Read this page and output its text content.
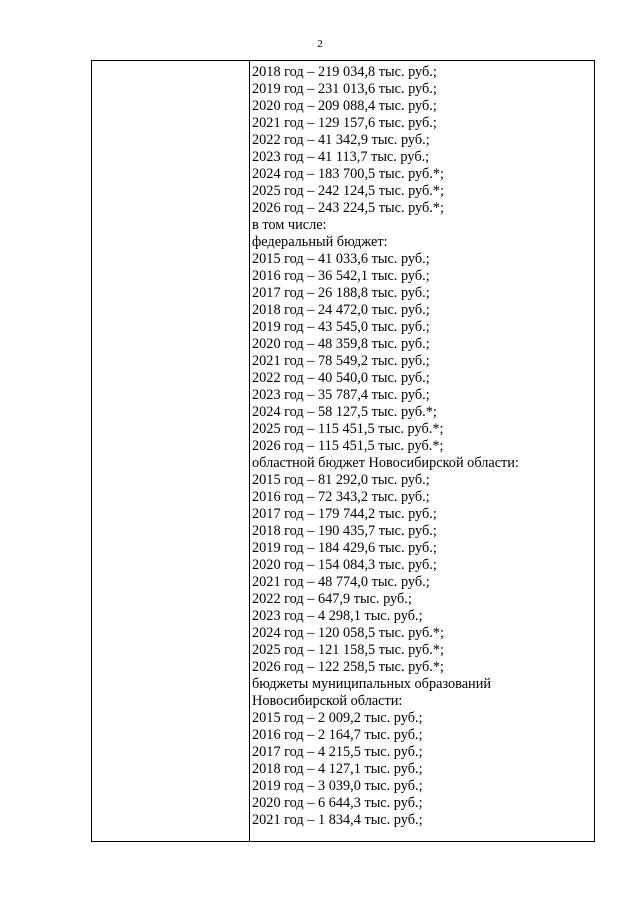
2
2018 год – 219 034,8 тыс. руб.;
2019 год – 231 013,6 тыс. руб.;
2020 год – 209 088,4 тыс. руб.;
2021 год – 129 157,6 тыс. руб.;
2022 год – 41 342,9 тыс. руб.;
2023 год – 41 113,7 тыс. руб.;
2024 год – 183 700,5 тыс. руб.*;
2025 год – 242 124,5 тыс. руб.*;
2026 год – 243 224,5 тыс. руб.*;
в том числе:
федеральный бюджет:
2015 год – 41 033,6 тыс. руб.;
2016 год – 36 542,1 тыс. руб.;
2017 год – 26 188,8 тыс. руб.;
2018 год – 24 472,0 тыс. руб.;
2019 год – 43 545,0 тыс. руб.;
2020 год – 48 359,8 тыс. руб.;
2021 год – 78 549,2 тыс. руб.;
2022 год – 40 540,0 тыс. руб.;
2023 год – 35 787,4 тыс. руб.;
2024 год – 58 127,5 тыс. руб.*;
2025 год – 115 451,5 тыс. руб.*;
2026 год – 115 451,5 тыс. руб.*;
областной бюджет Новосибирской области:
2015 год – 81 292,0 тыс. руб.;
2016 год – 72 343,2 тыс. руб.;
2017 год – 179 744,2 тыс. руб.;
2018 год – 190 435,7 тыс. руб.;
2019 год – 184 429,6 тыс. руб.;
2020 год – 154 084,3 тыс. руб.;
2021 год – 48 774,0 тыс. руб.;
2022 год – 647,9 тыс. руб.;
2023 год – 4 298,1 тыс. руб.;
2024 год – 120 058,5 тыс. руб.*;
2025 год – 121 158,5 тыс. руб.*;
2026 год – 122 258,5 тыс. руб.*;
бюджеты муниципальных образований
Новосибирской области:
2015 год – 2 009,2 тыс. руб.;
2016 год – 2 164,7 тыс. руб.;
2017 год – 4 215,5 тыс. руб.;
2018 год – 4 127,1 тыс. руб.;
2019 год – 3 039,0 тыс. руб.;
2020 год – 6 644,3 тыс. руб.;
2021 год – 1 834,4 тыс. руб.;
